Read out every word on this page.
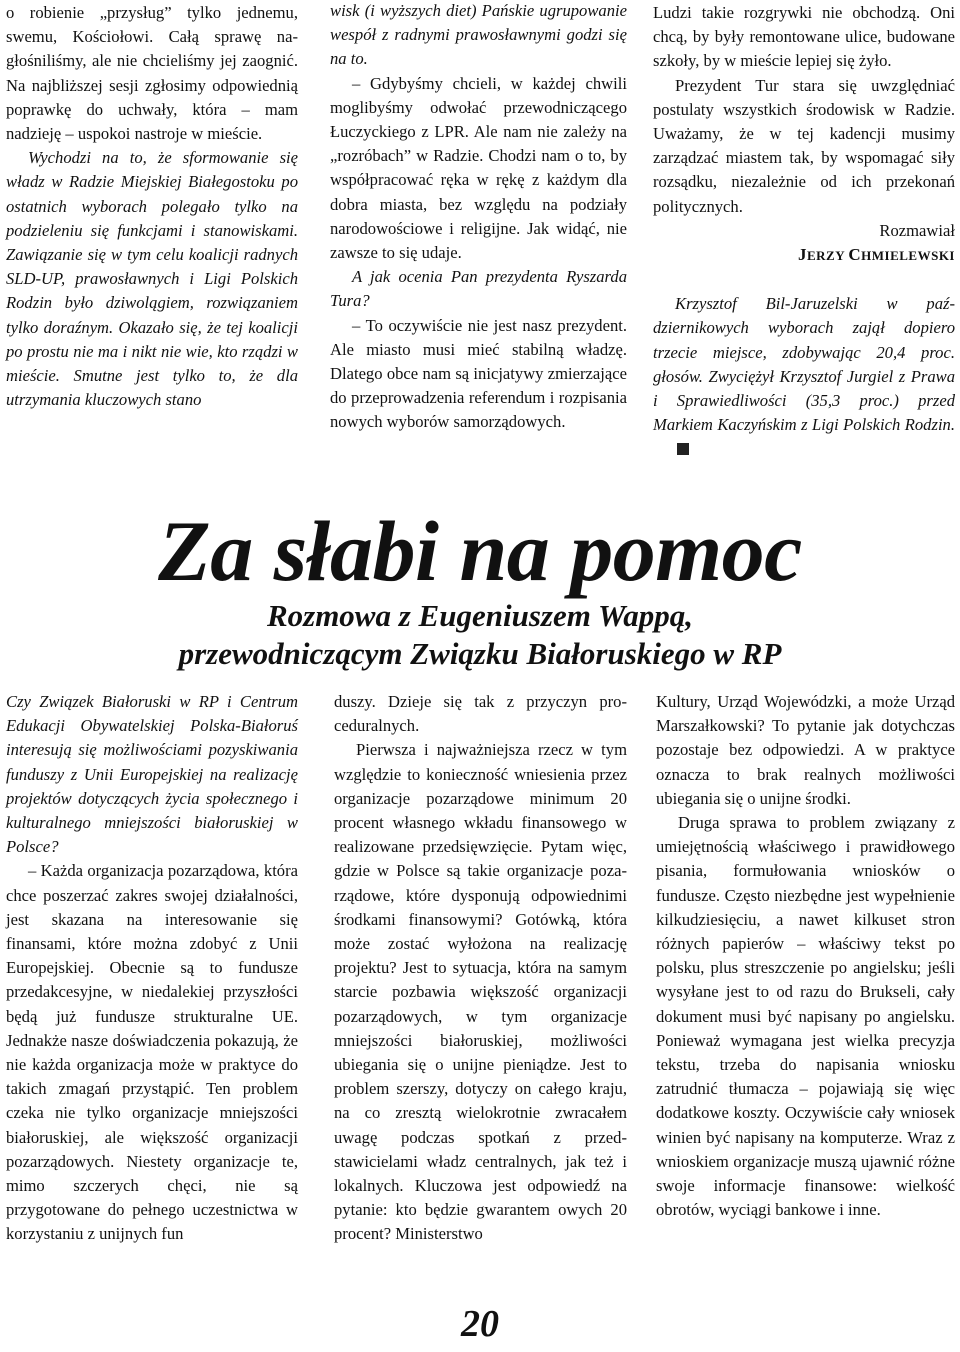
o robienie „przysług” tylko jednemu, swemu, Kościołowi. Całą sprawę nagłośniliśmy, ale nie chcieliśmy jej zaognić. Na najbliższej sesji zgłosimy odpowiednią poprawkę do uchwały, która – mam nadzieję – uspokoi nastroje w mieście.

Wychodzi na to, że sformowanie się władz w Radzie Miejskiej Białegostoku po ostatnich wyborach polegało tylko na podzieleniu się funkcjami i stanowiskami. Zawiązanie się w tym celu koalicji radnych SLD-UP, prawosławnych i Ligi Polskich Rodzin było dziwolągiem, rozwiązaniem tylko doraźnym. Okazało się, że tej koalicji po prostu nie ma i nikt nie wie, kto rządzi w mieście. Smutne jest tylko to, że dla utrzymania kluczowych stano

wisk (i wyższych diet) Pańskie ugrupowanie wespół z radnymi prawosławnymi godzi się na to.

– Gdybyśmy chcieli, w każdej chwili moglibyśmy odwołać przewodniczącego Łuczyckiego z LPR. Ale nam nie zależy na „rozróbach” w Radzie. Chodzi nam o to, by współpracować ręka w rękę z każdym dla dobra miasta, bez względu na podziały narodowościowe i religijne. Jak widąć, nie zawsze to się udaje.

A jak ocenia Pan prezydenta Ryszarda Tura?

– To oczywiście nie jest nasz prezydent. Ale miasto musi mieć stabilną władzę. Dlatego obce nam są inicjatywy zmierzające do przeprowadzenia referendum i rozpisania nowych wyborów samorządowych.

Ludzi takie rozgrywki nie obchodzą. Oni chcą, by były remontowane ulice, budowane szkoły, by w mieście lepiej się żyło.

Prezydent Tur stara się uwzględniać postulaty wszystkich środowisk w Radzie. Uważamy, że w tej kadencji musimy zarządzać miastem tak, by wspomagać siły rozsądku, niezależnie od ich przekonań politycznych.

Rozmawiał

JERZY CHMIELEWSKI

Krzysztof Bil-Jaruzelski w październikowych wyborach zajął dopiero trzecie miejsce, zdobywając 20,4 proc. głosów. Zwyciężył Krzysztof Jurgiel z Prawa i Sprawiedliwości (35,3 proc.) przed Markiem Kaczyńskim z Ligi Polskich Rodzin.

Za słabi na pomoc
Rozmowa z Eugeniuszem Wappą,
przewodniczącym Związku Białoruskiego w RP

Czy Związek Białoruski w RP i Centrum Edukacji Obywatelskiej Polska-Białoruś interesują się możliwościami pozyskiwania funduszy z Unii Europejskiej na realizację projektów dotyczących życia społecznego i kulturalnego mniejszości białoruskiej w Polsce?

– Każda organizacja pozarządowa, która chce poszerzać zakres swojej działalności, jest skazana na interesowanie się finansami, które można zdobyć z Unii Europejskiej. Obecnie są to fundusze przedakcesyjne, w niedalekiej przyszłości będą już fundusze strukturalne UE. Jednakże nasze doświadczenia pokazują, że nie każda organizacja może w praktyce do takich zmagań przystąpić. Ten problem czeka nie tylko organizacje mniejszości białoruskiej, ale większość organizacji pozarządowych. Niestety organizacje te, mimo szczerych chęci, nie są przygotowane do pełnego uczestnictwa w korzystaniu z unijnych fun

duszy. Dzieje się tak z przyczyn proceduralnych.

Pierwsza i najważniejsza rzecz w tym względzie to konieczność wniesienia przez organizacje pozarządowe minimum 20 procent własnego wkładu finansowego w realizowane przedsięwzięcie. Pytam więc, gdzie w Polsce są takie organizacje pozarządowe, które dysponują odpowiednimi środkami finansowymi? Gotówką, która może zostać wyłożona na realizację projektu? Jest to sytuacja, która na samym starcie pozbawia większość organizacji pozarządowych, w tym organizacje mniejszości białoruskiej, możliwości ubiegania się o unijne pieniądze. Jest to problem szerszy, dotyczy on całego kraju, na co zresztą wielokrotnie zwracałem uwagę podczas spotkań z przedstawicielami władz centralnych, jak też i lokalnych. Kluczowa jest odpowiedź na pytanie: kto będzie gwarantem owych 20 procent? Ministerstwo

Kultury, Urząd Wojewódzki, a może Urząd Marszałkowski? To pytanie jak dotychczas pozostaje bez odpowiedzi. A w praktyce oznacza to brak realnych możliwości ubiegania się o unijne środki.

Druga sprawa to problem związany z umiejętnością właściwego i prawidłowego pisania, formułowania wniosków o fundusze. Często niezbędne jest wypełnienie kilkudziesięciu, a nawet kilkuset stron różnych papierów – właściwy tekst po polsku, plus streszczenie po angielsku; jeśli wysyłane jest to od razu do Brukseli, cały dokument musi być napisany po angielsku. Ponieważ wymagana jest wielka precyzja tekstu, trzeba do napisania wniosku zatrudnić tłumacza – pojawiają się więc dodatkowe koszty. Oczywiście cały wniosek winien być napisany na komputerze. Wraz z wnioskiem organizacje muszą ujawnić różne swoje informacje finansowe: wielkość obrotów, wyciągi bankowe i inne.

20
